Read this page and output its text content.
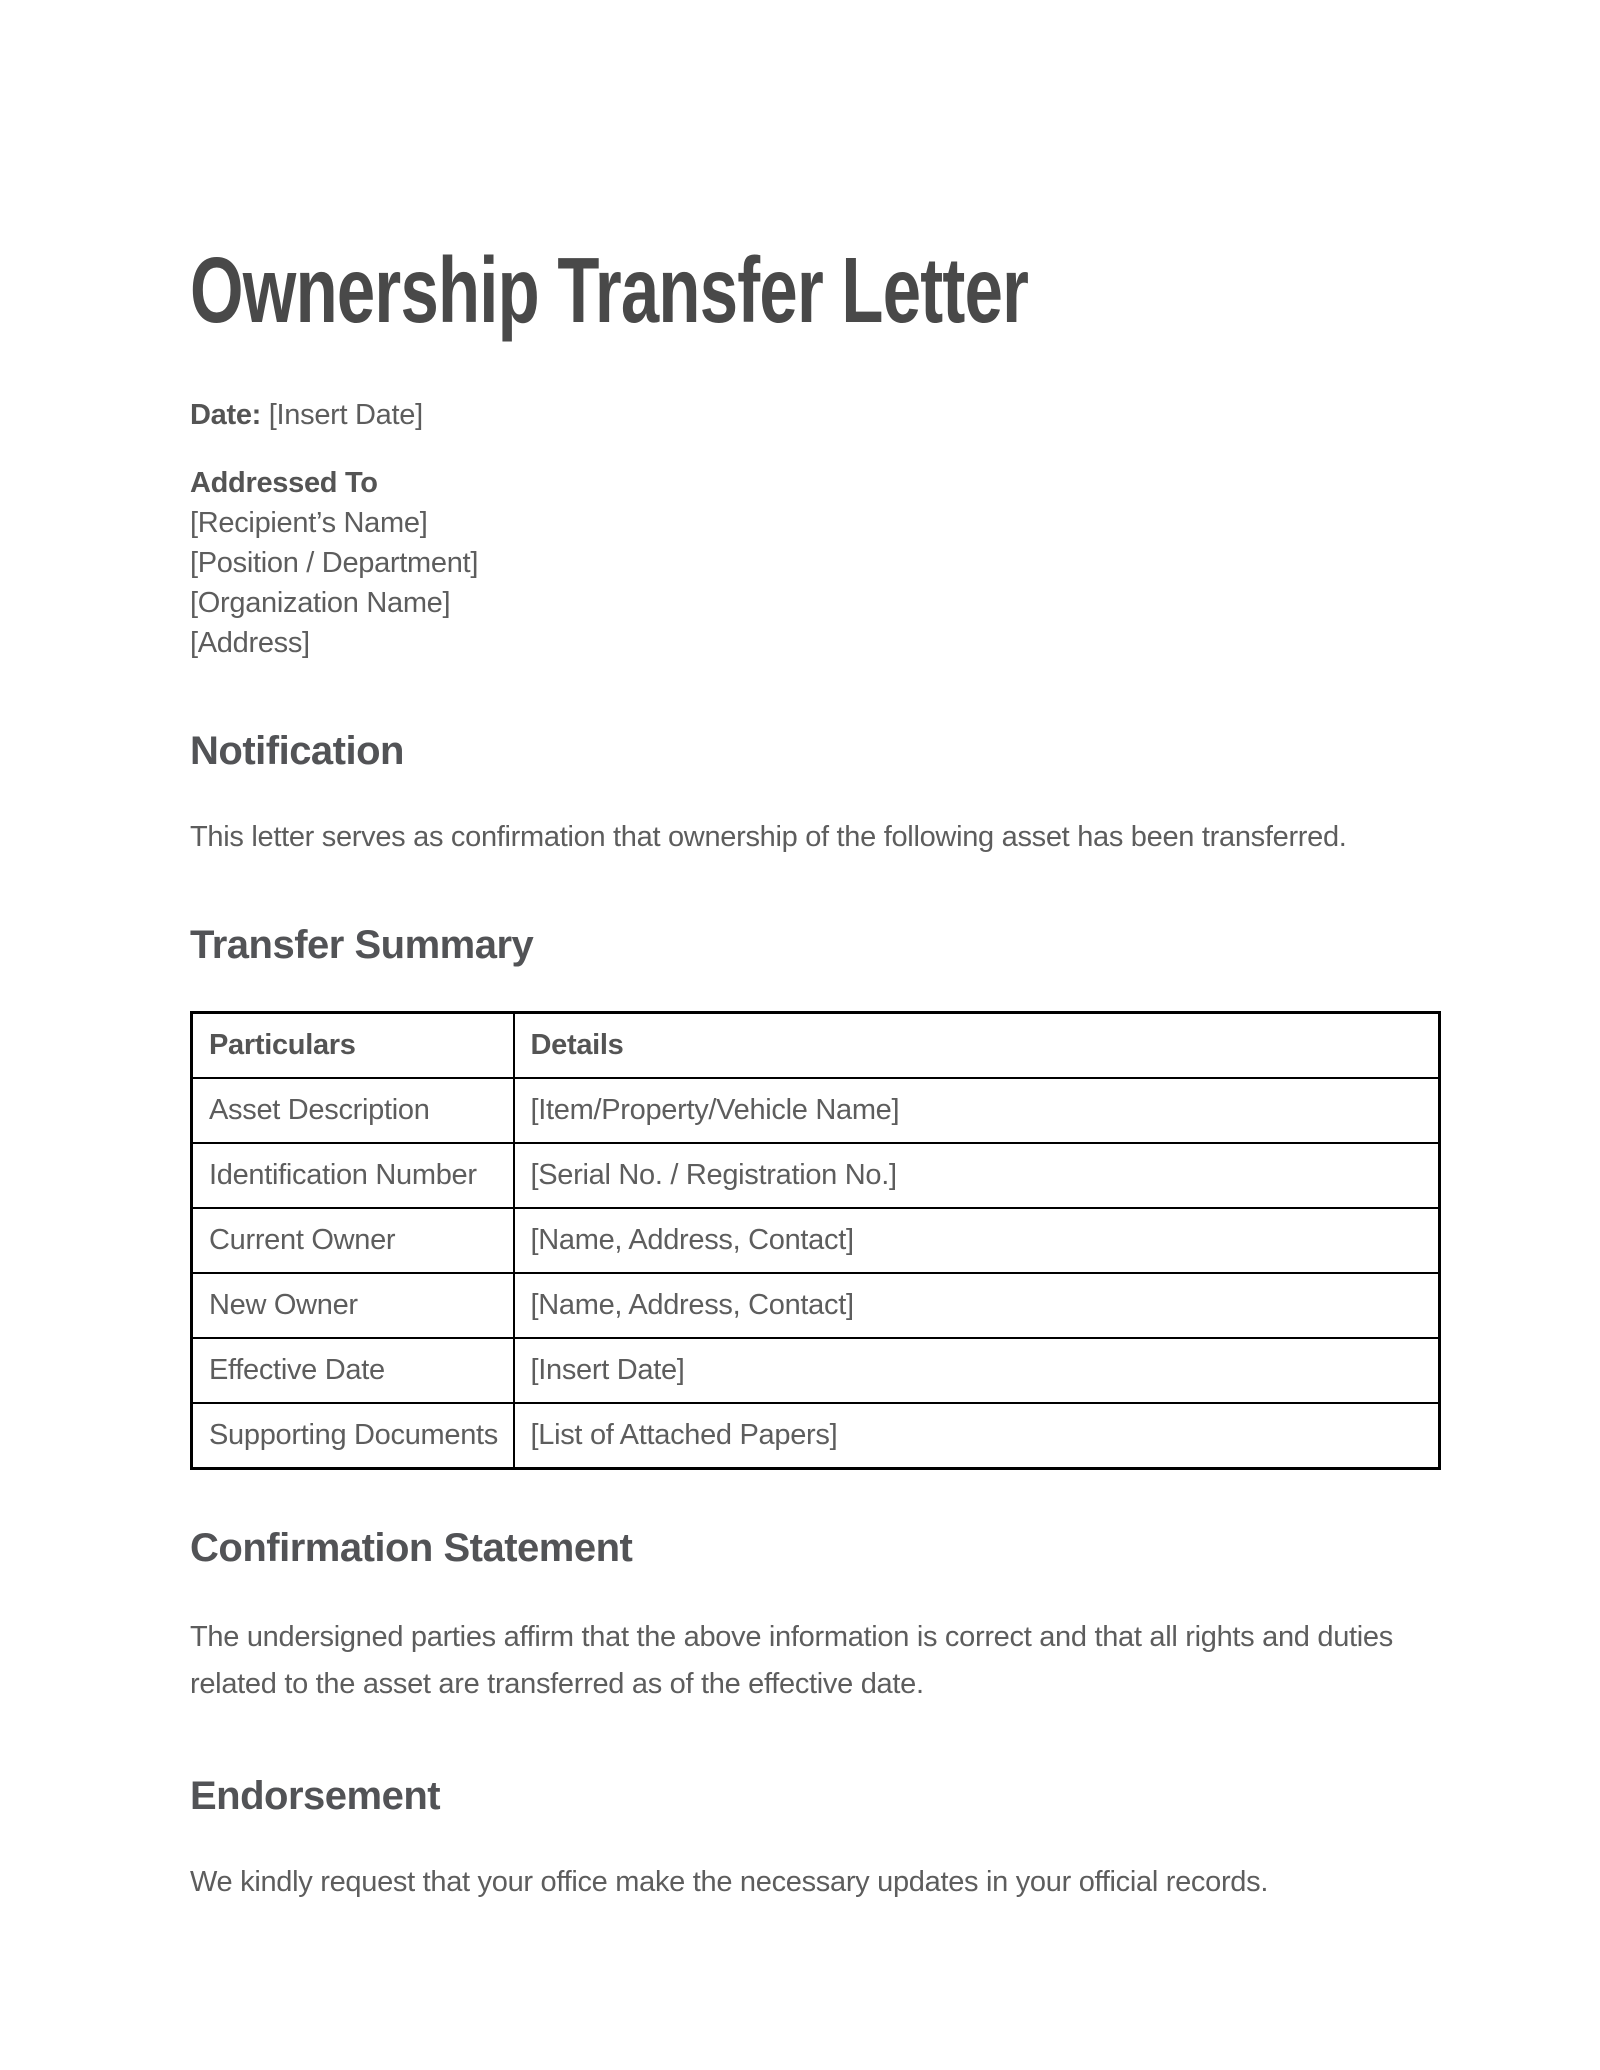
Ownership Transfer Letter

Date: [Insert Date]

Addressed To
[Recipient’s Name]
[Position / Department]
[Organization Name]
[Address]
Notification

This letter serves as confirmation that ownership of the following asset has been transferred.

Transfer Summary
Particulars	Details
Asset Description	[Item/Property/Vehicle Name]
Identification Number	[Serial No. / Registration No.]
Current Owner	[Name, Address, Contact]
New Owner	[Name, Address, Contact]
Effective Date	[Insert Date]
Supporting Documents	[List of Attached Papers]
Confirmation Statement

The undersigned parties affirm that the above information is correct and that all rights and duties related to the asset are transferred as of the effective date.

Endorsement

We kindly request that your office make the necessary updates in your official records.
